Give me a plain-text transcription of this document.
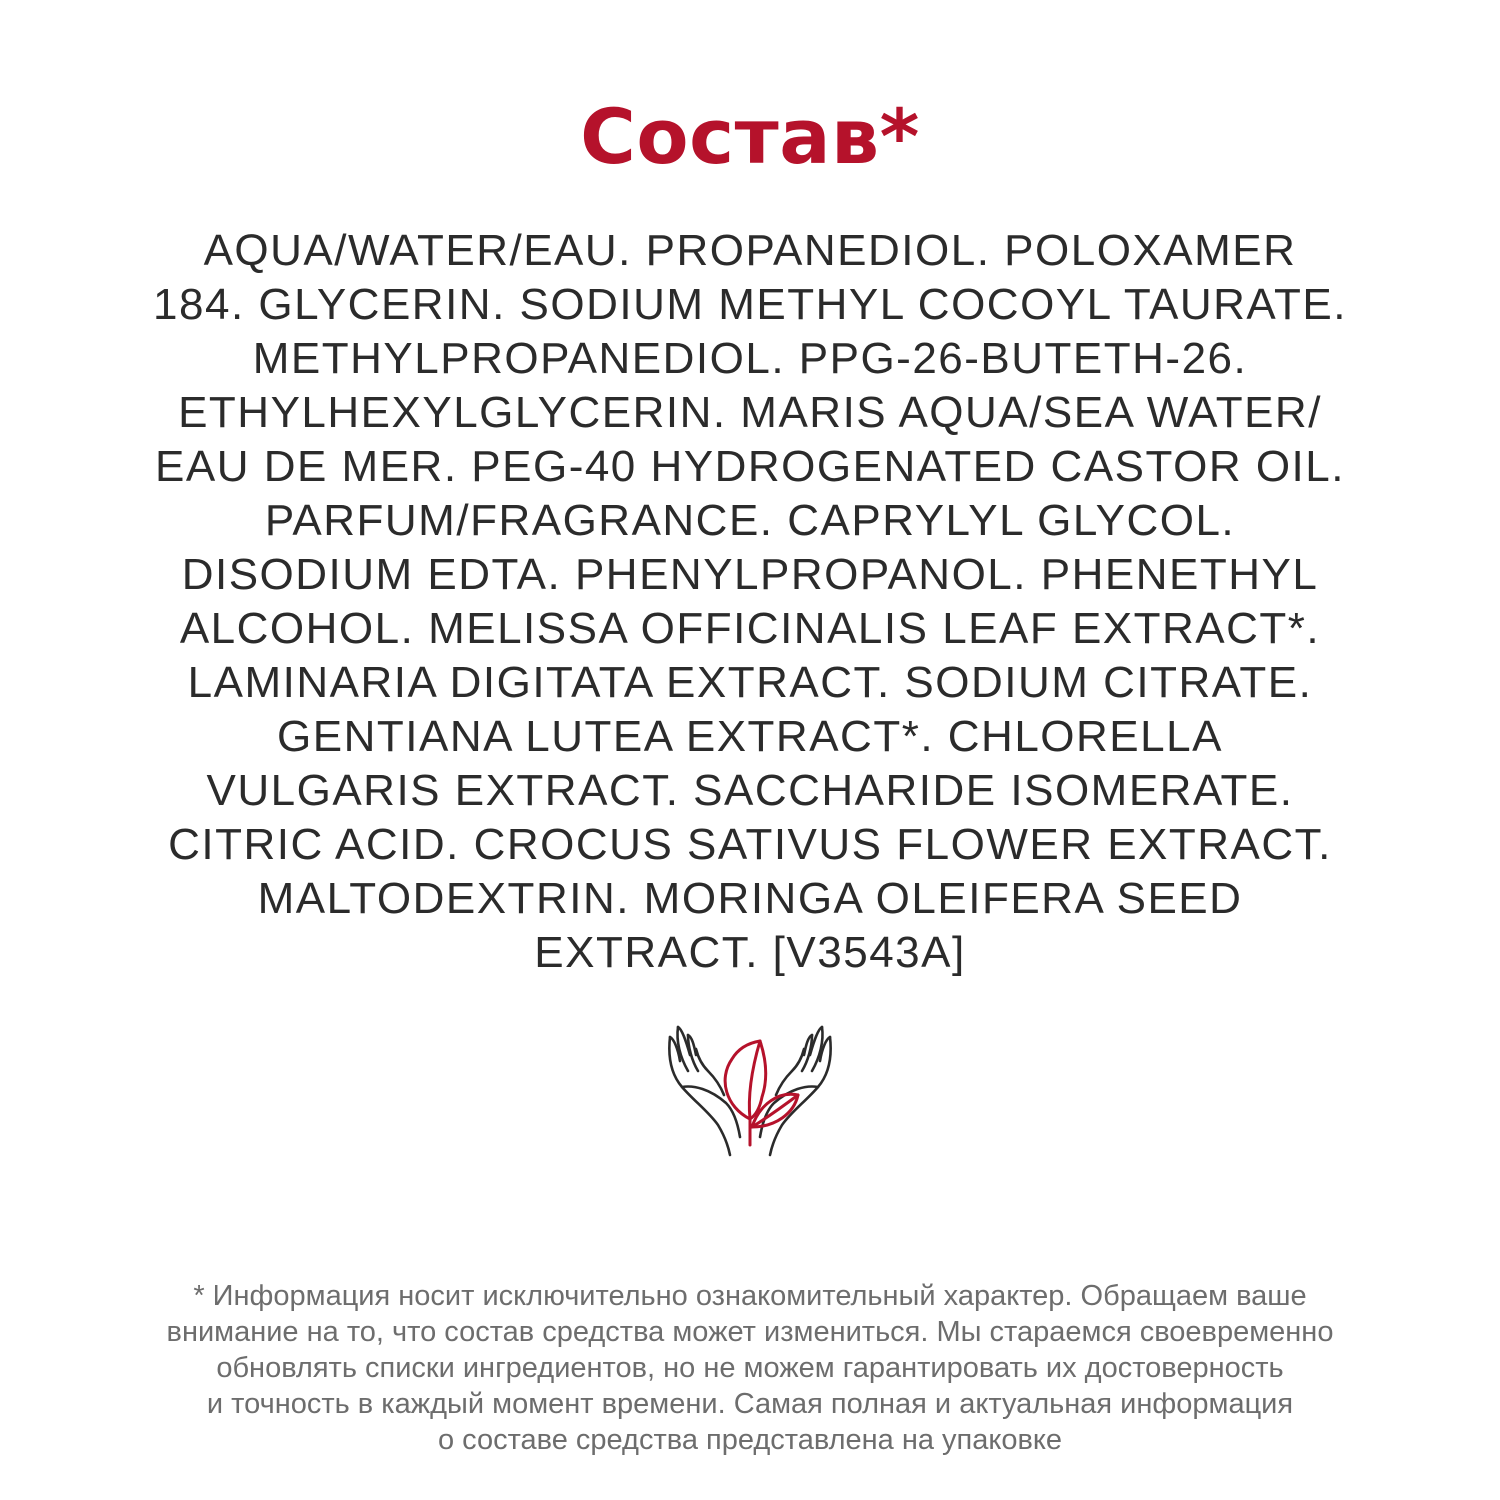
Состав*
AQUA/WATER/EAU. PROPANEDIOL. POLOXAMER
184. GLYCERIN. SODIUM METHYL COCOYL TAURATE.
METHYLPROPANEDIOL. PPG-26-BUTETH-26.
ETHYLHEXYLGLYCERIN. MARIS AQUA/SEA WATER/
EAU DE MER. PEG-40 HYDROGENATED CASTOR OIL.
PARFUM/FRAGRANCE. CAPRYLYL GLYCOL.
DISODIUM EDTA. PHENYLPROPANOL. PHENETHYL
ALCOHOL. MELISSA OFFICINALIS LEAF EXTRACT*.
LAMINARIA DIGITATA EXTRACT. SODIUM CITRATE.
GENTIANA LUTEA EXTRACT*. CHLORELLA
VULGARIS EXTRACT. SACCHARIDE ISOMERATE.
CITRIC ACID. CROCUS SATIVUS FLOWER EXTRACT.
MALTODEXTRIN. MORINGA OLEIFERA SEED
EXTRACT. [V3543A]
* Информация носит исключительно ознакомительный характер. Обращаем ваше
внимание на то, что состав средства может измениться. Мы стараемся своевременно
обновлять списки ингредиентов, но не можем гарантировать их достоверность
и точность в каждый момент времени. Самая полная и актуальная информация
о составе средства представлена на упаковке
